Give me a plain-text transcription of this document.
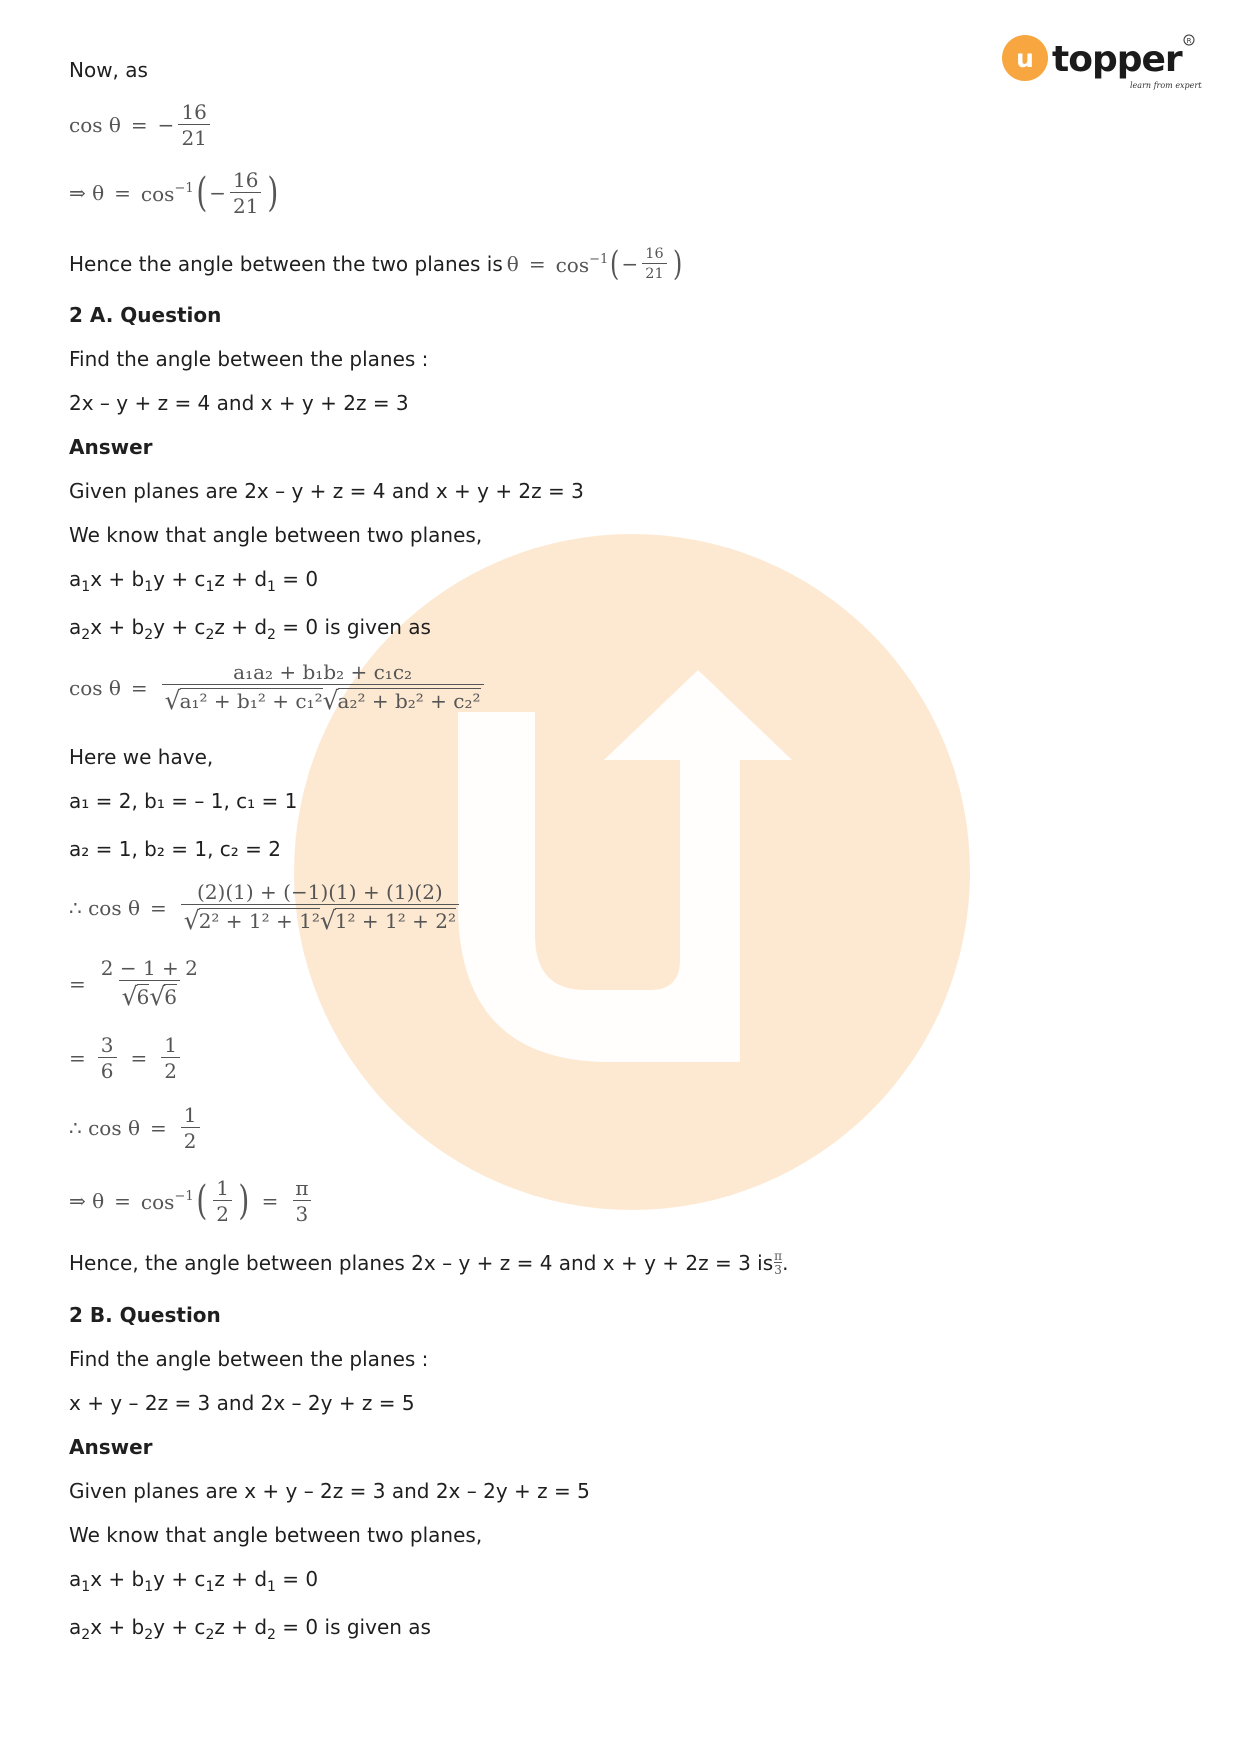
u topper
learn from experts
R
Now, as
cos θ = − $\frac{16}{21}$
⇒ $\theta = \cos^{-1}$ ( − $\frac{16}{21}$ )
Hence the angle between the two planes is $\theta = \cos^{-1}$ ( − $\frac{16}{21}$ )
2 A. Question
Find the angle between the planes :
2x – y + z = 4 and x + y + 2z = 3
Answer
Given planes are 2x – y + z = 4 and x + y + 2z = 3
We know that angle between two planes,
$a_1x + b_1y + c_1z + d_1 = 0$
$a_2x + b_2y + c_2z + d_2 = 0$ is given as
$\cos \theta = \frac{\text{a₁a₂ + b₁b₂ + c₁c₂}}{\text{√ a₁² + b₁² + c₁² √ a₂² + b₂² + c₂²}}$
Here we have,
a₁ = 2, b₁ = – 1, c₁ = 1
a₂ = 1, b₂ = 1, c₂ = 2
∴ $\cos \theta = \frac{(2)(1) + (-1)(1) + (1)(2)}{\text{√ 2² + 1² + 1² √ 1² + 1² + 2²}}$
= $\frac{2 - 1 + 2}{√ 6 √ 6}$
= $\frac{3}{6} = \frac{1}{2}$
∴ $\cos \theta = \frac{1}{2}$
⇒ $\theta = \cos^{-1}$ ( $\frac{1}{2}$ ) = $\frac{\pi}{3}$
Hence, the angle between planes 2x – y + z = 4 and x + y + 2z = 3 is π
3 .
2 B. Question
Find the angle between the planes :
x + y – 2z = 3 and 2x – 2y + z = 5
Answer
Given planes are x + y – 2z = 3 and 2x – 2y + z = 5
We know that angle between two planes,
$a_1x + b_1y + c_1z + d_1 = 0$
$a_2x + b_2y + c_2z + d_2 = 0$ is given as
